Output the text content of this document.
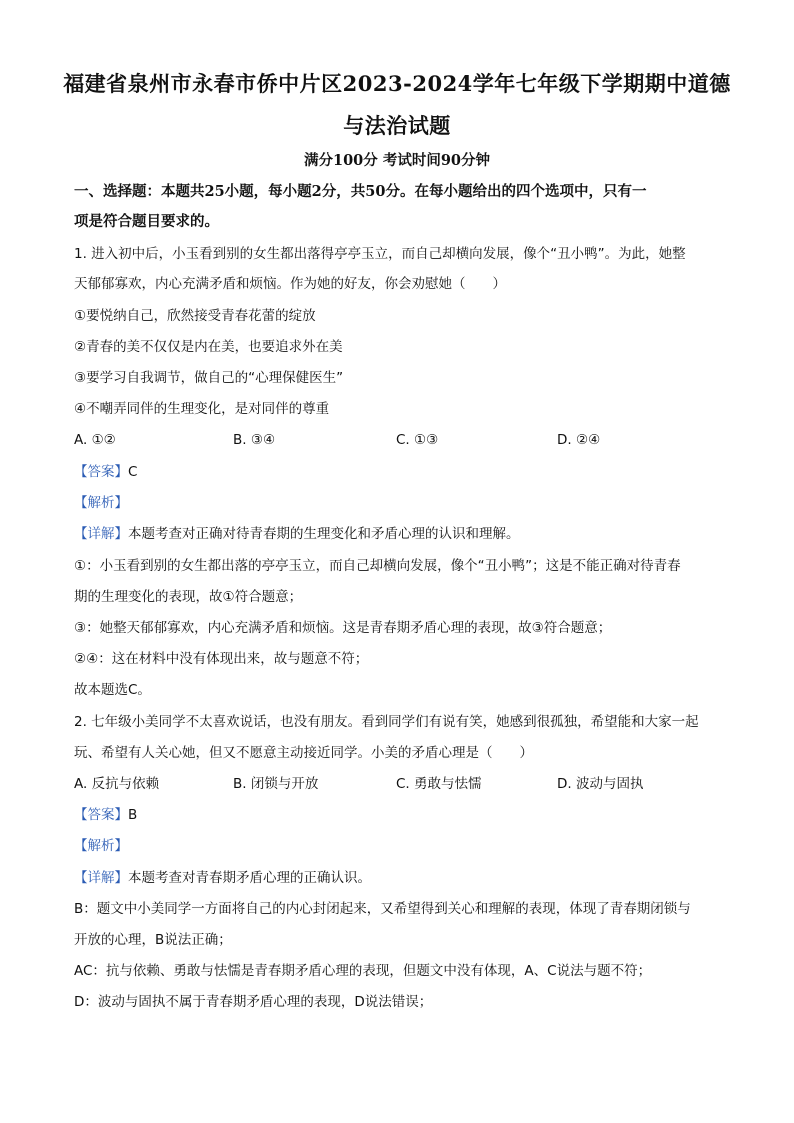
福建省泉州市永春市侨中片区2023-2024学年七年级下学期期中道德
与法治试题
满分100分 考试时间90分钟
一、选择题：本题共25小题，每小题2分，共50分。在每小题给出的四个选项中，只有一
项是符合题目要求的。
1. 进入初中后，小玉看到别的女生都出落得亭亭玉立，而自己却横向发展，像个“丑小鸭”。为此，她整
天郁郁寡欢，内心充满矛盾和烦恼。作为她的好友，你会劝慰她（　　）
①要悦纳自己，欣然接受青春花蕾的绽放
②青春的美不仅仅是内在美，也要追求外在美
③要学习自我调节，做自己的“心理保健医生”
④不嘲弄同伴的生理变化，是对同伴的尊重
A. ①②	B. ③④	C. ①③	D. ②④
【答案】C
【解析】
【详解】本题考查对正确对待青春期的生理变化和矛盾心理的认识和理解。
①：小玉看到别的女生都出落的亭亭玉立，而自己却横向发展，像个“丑小鸭”；这是不能正确对待青春
期的生理变化的表现，故①符合题意；
③：她整天郁郁寡欢，内心充满矛盾和烦恼。这是青春期矛盾心理的表现，故③符合题意；
②④：这在材料中没有体现出来，故与题意不符；
故本题选C。
2. 七年级小美同学不太喜欢说话，也没有朋友。看到同学们有说有笑，她感到很孤独，希望能和大家一起
玩、希望有人关心她，但又不愿意主动接近同学。小美的矛盾心理是（　　）
A. 反抗与依赖	B. 闭锁与开放	C. 勇敢与怯懦	D. 波动与固执
【答案】B
【解析】
【详解】本题考查对青春期矛盾心理的正确认识。
B：题文中小美同学一方面将自己的内心封闭起来，又希望得到关心和理解的表现，体现了青春期闭锁与
开放的心理，B说法正确；
AC：抗与依赖、勇敢与怯懦是青春期矛盾心理的表现，但题文中没有体现，A、C说法与题不符；
D：波动与固执不属于青春期矛盾心理的表现，D说法错误；
